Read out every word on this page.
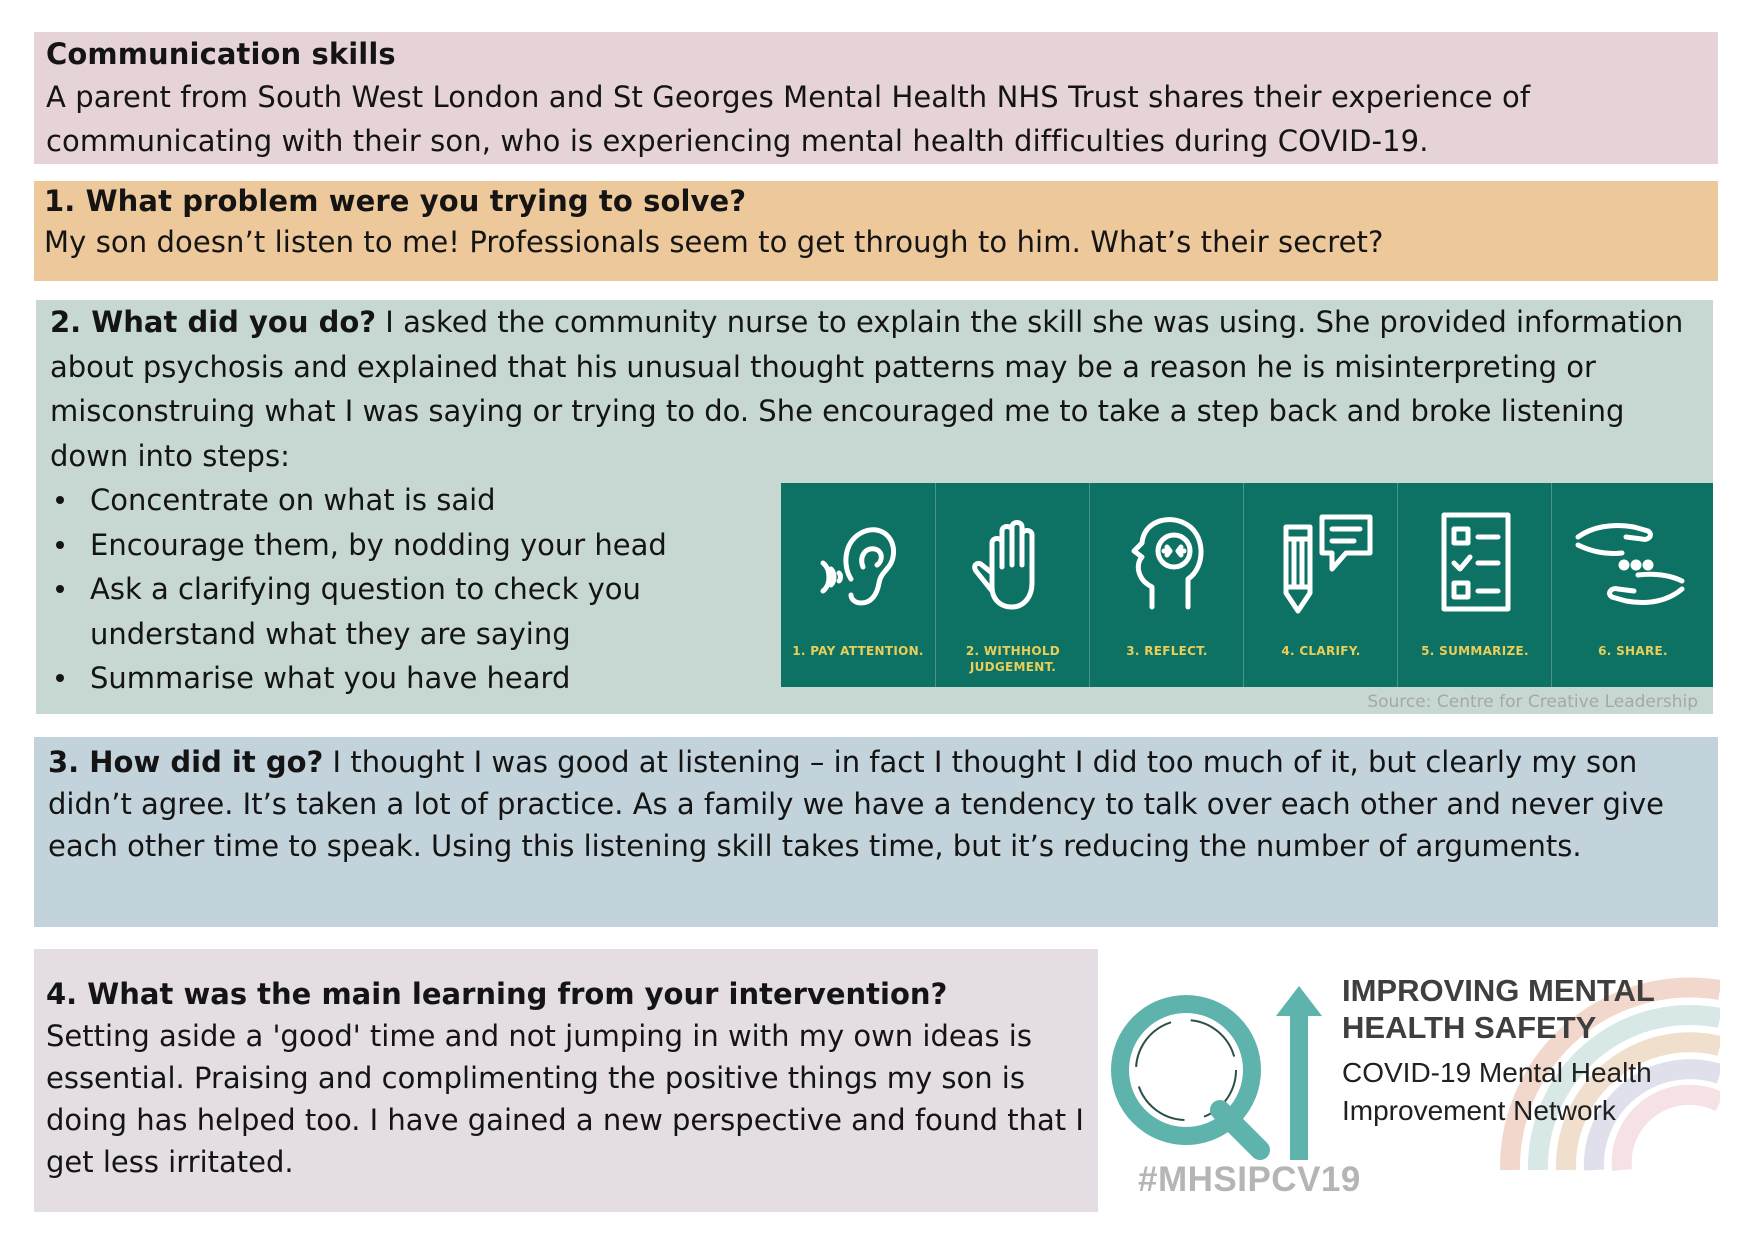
Communication skills
A parent from South West London and St Georges Mental Health NHS Trust shares their experience of communicating with their son, who is experiencing mental health difficulties during COVID-19.
1. What problem were you trying to solve?
My son doesn’t listen to me! Professionals seem to get through to him. What’s their secret?
2. What did you do? I asked the community nurse to explain the skill she was using. She provided information about psychosis and explained that his unusual thought patterns may be a reason he is misinterpreting or misconstruing what I was saying or trying to do. She encouraged me to take a step back and broke listening down into steps:
Concentrate on what is said
Encourage them, by nodding your head
Ask a clarifying question to check you understand what they are saying
Summarise what you have heard
1. PAY ATTENTION.	2. WITHHOLD JUDGEMENT.
3. REFLECT.	4. CLARIFY.	5. SUMMARIZE.	6. SHARE.
Source: Centre for Creative Leadership
3. How did it go? I thought I was good at listening – in fact I thought I did too much of it, but clearly my son didn’t agree. It’s taken a lot of practice. As a family we have a tendency to talk over each other and never give each other time to speak. Using this listening skill takes time, but it’s reducing the number of arguments.
4. What was the main learning from your intervention?
Setting aside a 'good' time and not jumping in with my own ideas is essential. Praising and complimenting the positive things my son is doing has helped too. I have gained a new perspective and found that I get less irritated.
IMPROVING MENTAL
HEALTH SAFETY
COVID-19 Mental Health
Improvement Network
#MHSIPCV19
